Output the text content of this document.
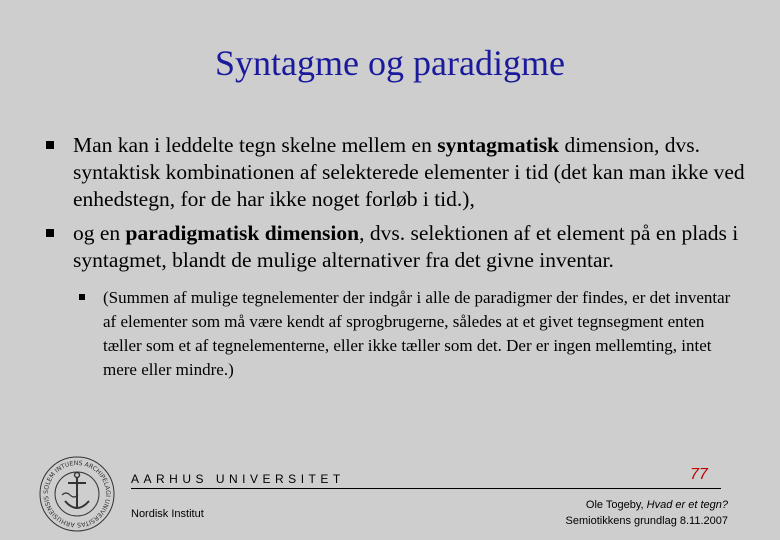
Syntagme og paradigme
Man kan i leddelte tegn skelne mellem en syntagmatisk dimension, dvs. syntaktisk kombinationen af selekterede elementer i tid (det kan man ikke ved enhedstegn, for de har ikke noget forløb i tid.),
og en paradigmatisk dimension, dvs. selektionen af et element på en plads i syntagmet, blandt de mulige alternativer fra det givne inventar.
(Summen af mulige tegnelementer der indgår i alle de paradigmer der findes, er det inventar af elementer som må være kendt af sprogbrugerne, således at et givet tegnsegment enten tæller som et af tegnelementerne, eller ikke tæller som det. Der er ingen mellemting, intet mere eller mindre.)
SOLEM INTUENS ARCHIPELAGI UNIVERSITAS ARHUSIENSIS
AARHUS UNIVERSITET	77
Nordisk Institut
Ole Togeby, Hvad er et tegn?
Semiotikkens grundlag 8.11.2007
